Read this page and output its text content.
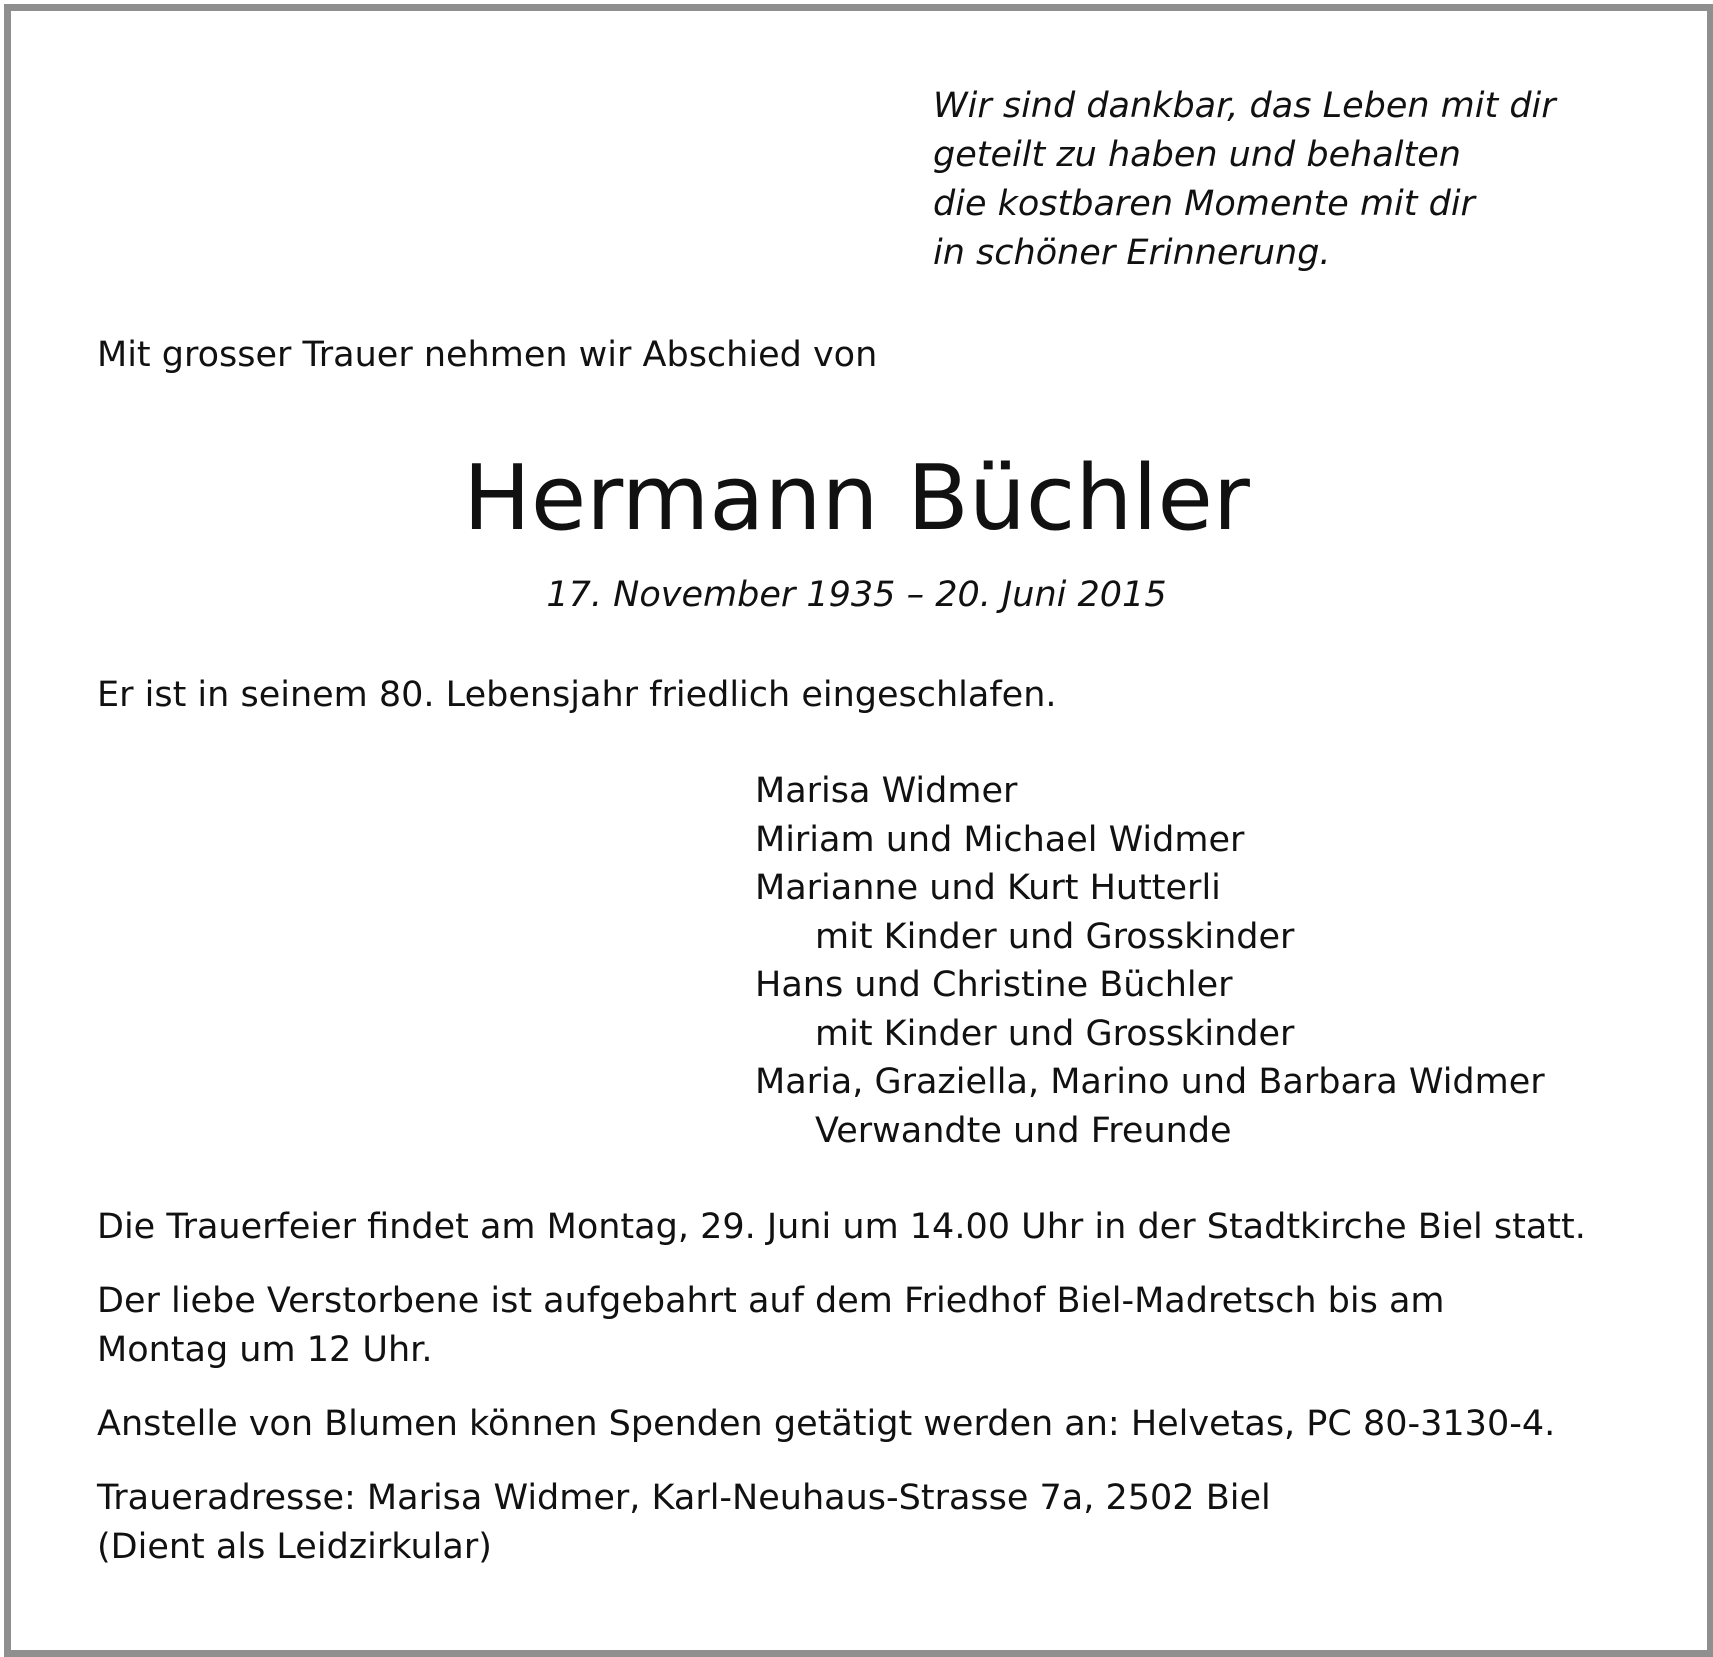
Wir sind dankbar, das Leben mit dir
geteilt zu haben und behalten
die kostbaren Momente mit dir
in schöner Erinnerung.
Mit grosser Trauer nehmen wir Abschied von
Hermann Büchler
17. November 1935 – 20. Juni 2015
Er ist in seinem 80. Lebensjahr friedlich eingeschlafen.
Marisa Widmer
Miriam und Michael Widmer
Marianne und Kurt Hutterli
mit Kinder und Grosskinder
Hans und Christine Büchler
mit Kinder und Grosskinder
Maria, Graziella, Marino und Barbara Widmer
Verwandte und Freunde
Die Trauerfeier findet am Montag, 29. Juni um 14.00 Uhr in der Stadtkirche Biel statt.
Der liebe Verstorbene ist aufgebahrt auf dem Friedhof Biel-Madretsch bis am
Montag um 12 Uhr.
Anstelle von Blumen können Spenden getätigt werden an: Helvetas, PC 80-3130-4.
Traueradresse: Marisa Widmer, Karl-Neuhaus-Strasse 7a, 2502 Biel
(Dient als Leidzirkular)
